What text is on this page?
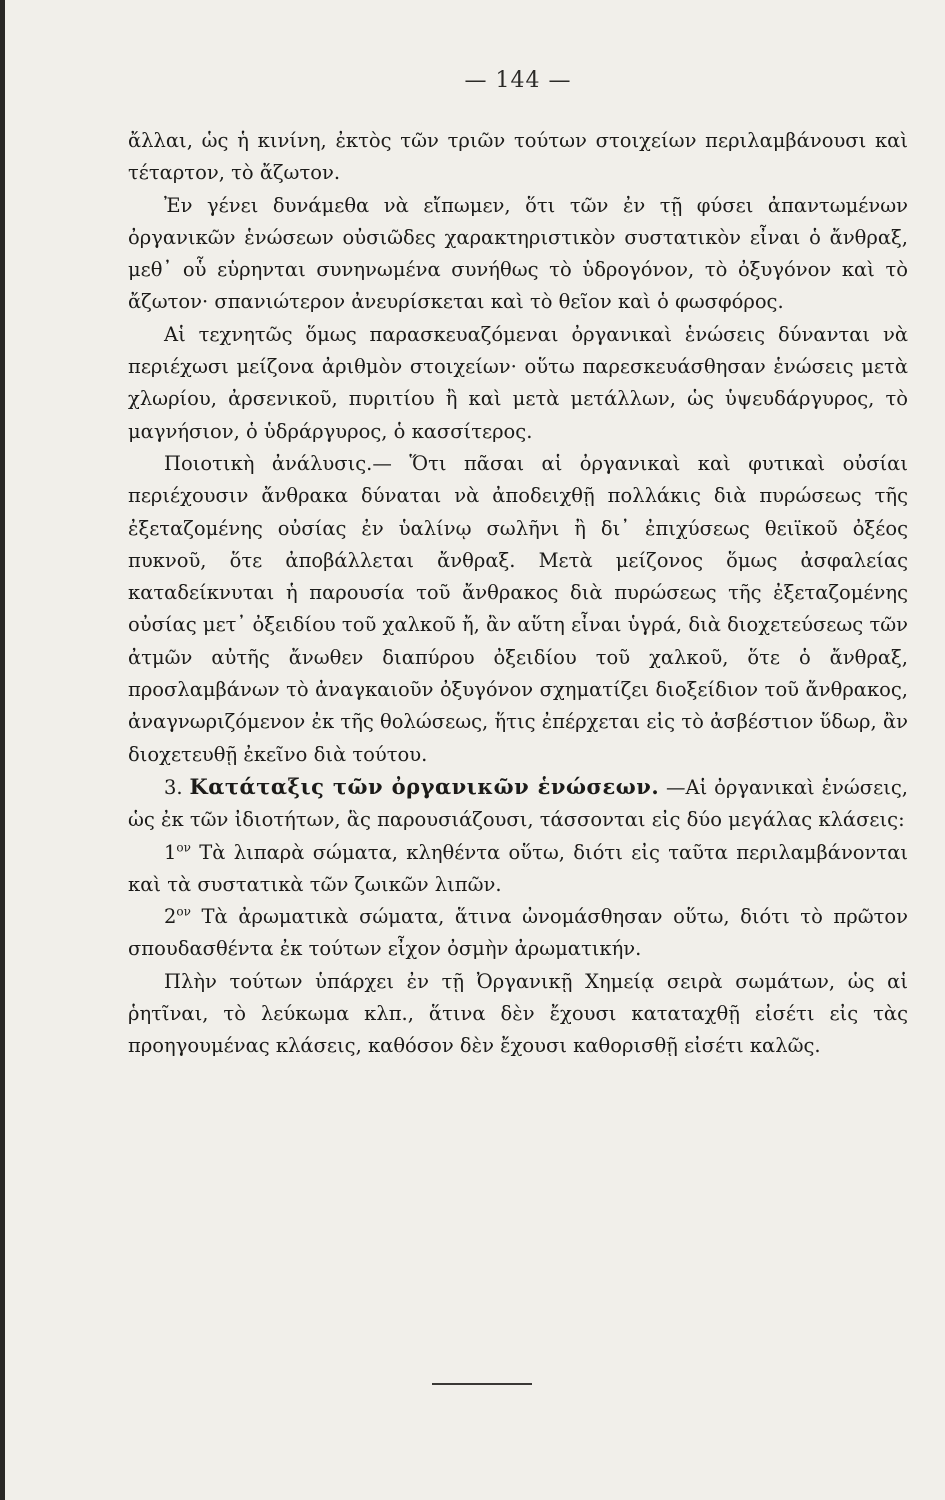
— 144 —

ἄλλαι, ὡς ἡ κινίνη, ἐκτὸς τῶν τριῶν τούτων στοιχείων περιλαμβάνουσι καὶ τέταρτον, τὸ ἄζωτον.

Ἐν γένει δυνάμεθα νὰ εἴπωμεν, ὅτι τῶν ἐν τῇ φύσει ἀπαντωμένων ὀργανικῶν ἑνώσεων οὐσιῶδες χαρακτηριστικὸν συστατικὸν εἶναι ὁ ἄνθραξ, μεθ᾽ οὗ εὑρηνται συνηνωμένα συνήθως τὸ ὑδρογόνον, τὸ ὀξυγόνον καὶ τὸ ἄζωτον· σπανιώτερον ἀνευρίσκεται καὶ τὸ θεῖον καὶ ὁ φωσφόρος.

Αἱ τεχνητῶς ὅμως παρασκευαζόμεναι ὀργανικαὶ ἑνώσεις δύνανται νὰ περιέχωσι μείζονα ἀριθμὸν στοιχείων· οὕτω παρεσκευάσθησαν ἑνώσεις μετὰ χλωρίου, ἀρσενικοῦ, πυριτίου ἢ καὶ μετὰ μετάλλων, ὡς ὑψευδάργυρος, τὸ μαγνήσιον, ὁ ὑδράργυρος, ὁ κασσίτερος.

Ποιοτικὴ ἀνάλυσις.— Ὅτι πᾶσαι αἱ ὀργανικαὶ καὶ φυτικαὶ οὐσίαι περιέχουσιν ἄνθρακα δύναται νὰ ἀποδειχθῇ πολλάκις διὰ πυρώσεως τῆς ἐξεταζομένης οὐσίας ἐν ὑαλίνῳ σωλῆνι ἢ δι᾽ ἐπιχύσεως θειϊκοῦ ὀξέος πυκνοῦ, ὅτε ἀποβάλλεται ἄνθραξ. Μετὰ μείζονος ὅμως ἀσφαλείας καταδείκνυται ἡ παρουσία τοῦ ἄνθρακος διὰ πυρώσεως τῆς ἐξεταζομένης οὐσίας μετ᾽ ὀξειδίου τοῦ χαλκοῦ ἤ, ἂν αὕτη εἶναι ὑγρά, διὰ διοχετεύσεως τῶν ἀτμῶν αὐτῆς ἄνωθεν διαπύρου ὀξειδίου τοῦ χαλκοῦ, ὅτε ὁ ἄνθραξ, προσλαμβάνων τὸ ἀναγκαιοῦν ὀξυγόνον σχηματίζει διοξείδιον τοῦ ἄνθρακος, ἀναγνωριζόμενον ἐκ τῆς θολώσεως, ἥτις ἐπέρχεται εἰς τὸ ἀσβέστιον ὕδωρ, ἂν διοχετευθῇ ἐκεῖνο διὰ τούτου.

3. Κατάταξις τῶν ὀργανικῶν ἑνώσεων. —Αἱ ὀργανικαὶ ἑνώσεις, ὡς ἐκ τῶν ἰδιοτήτων, ἃς παρουσιάζουσι, τάσσονται εἰς δύο μεγάλας κλάσεις:

$1^{o\nu}$ Τὰ λιπαρὰ σώματα, κληθέντα οὕτω, διότι εἰς ταῦτα περιλαμβάνονται καὶ τὰ συστατικὰ τῶν ζωικῶν λιπῶν.

$2^{o\nu}$ Τὰ ἀρωματικὰ σώματα, ἅτινα ὠνομάσθησαν οὕτω, διότι τὸ πρῶτον σπουδασθέντα ἐκ τούτων εἶχον ὀσμὴν ἀρωματικήν.

Πλὴν τούτων ὑπάρχει ἐν τῇ Ὀργανικῇ Χημείᾳ σειρὰ σωμάτων, ὡς αἱ ῥητῖναι, τὸ λεύκωμα κλπ., ἅτινα δὲν ἔχουσι καταταχθῇ εἰσέτι εἰς τὰς προηγουμένας κλάσεις, καθόσον δὲν ἔχουσι καθορισθῇ εἰσέτι καλῶς.
